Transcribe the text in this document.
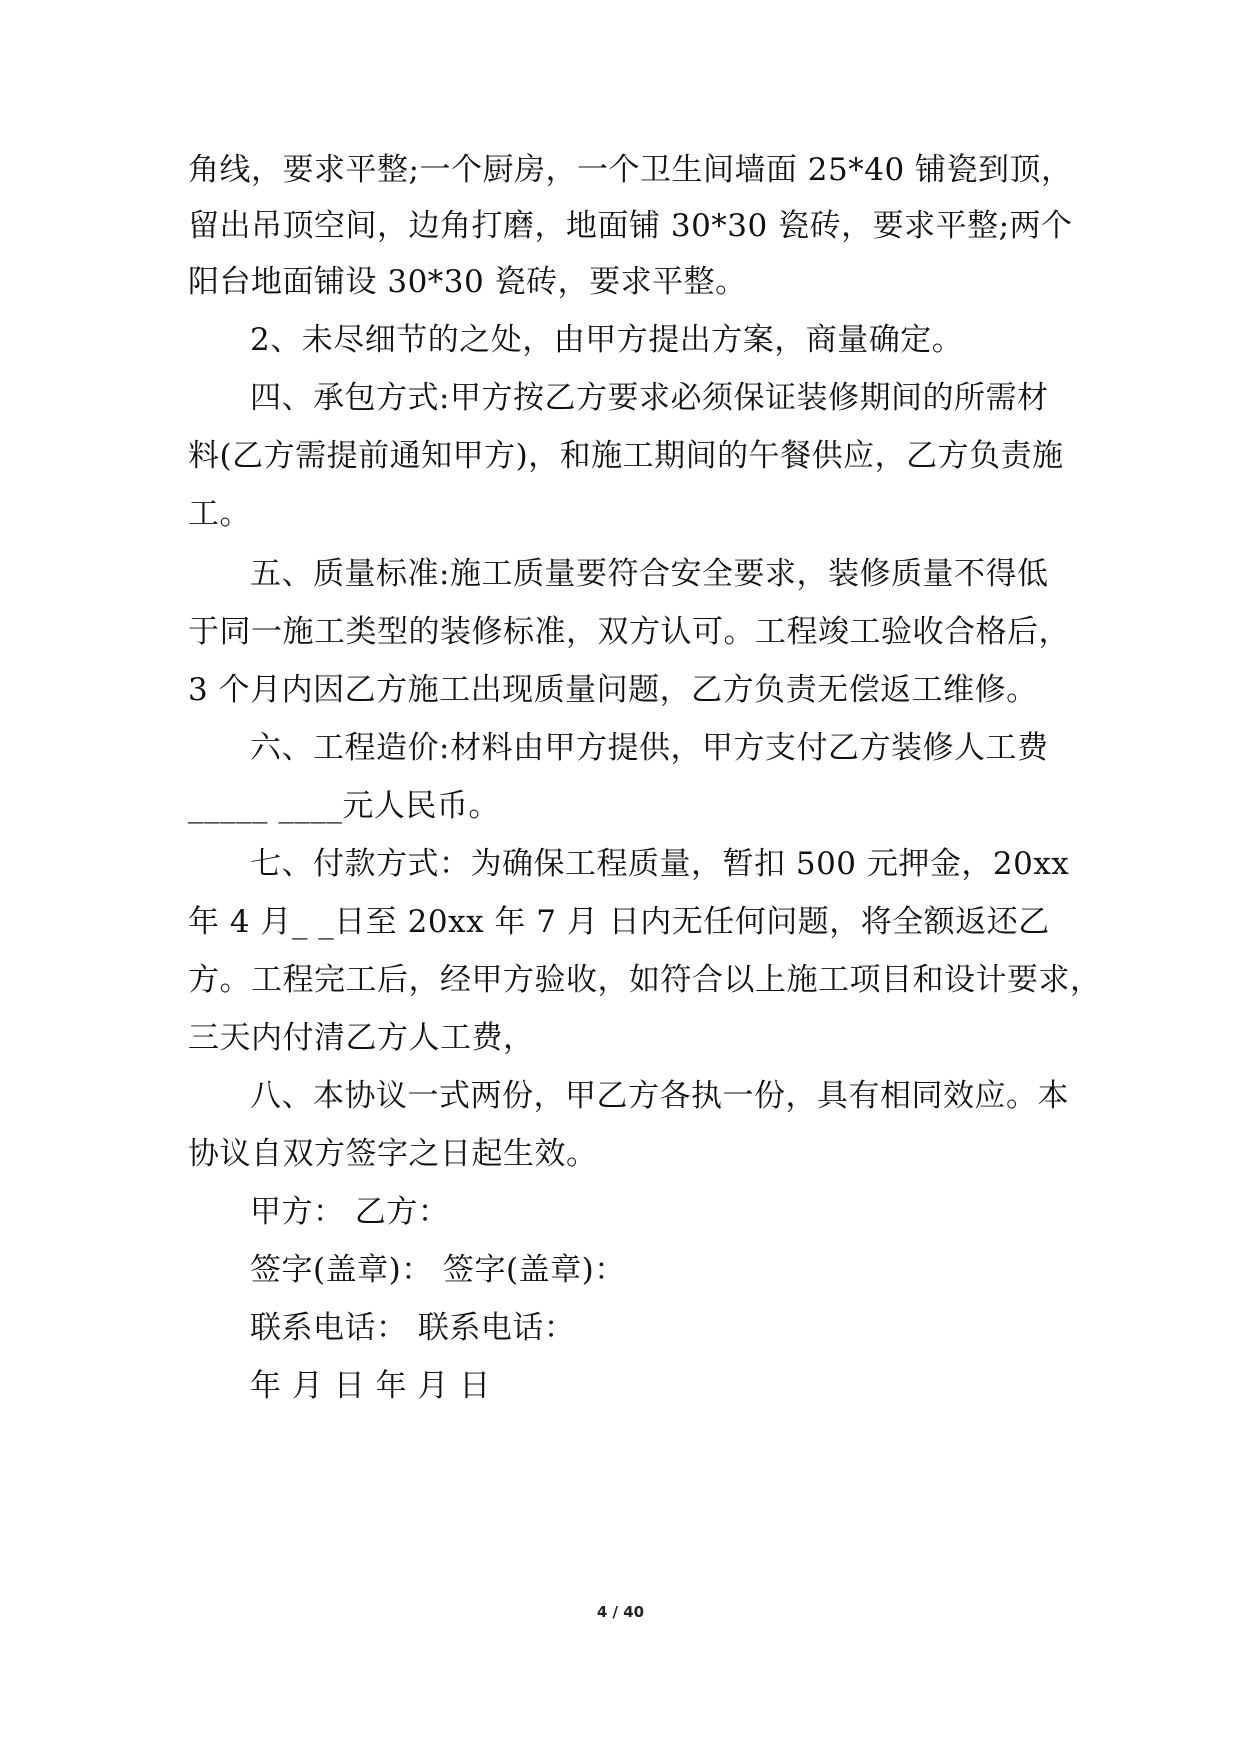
角线，要求平整;一个厨房，一个卫生间墙面 25*40 铺瓷到顶，
留出吊顶空间，边角打磨，地面铺 30*30 瓷砖，要求平整;两个
阳台地面铺设 30*30 瓷砖，要求平整。
2、未尽细节的之处，由甲方提出方案，商量确定。
四、承包方式:甲方按乙方要求必须保证装修期间的所需材
料(乙方需提前通知甲方)，和施工期间的午餐供应，乙方负责施
工。
五、质量标准:施工质量要符合安全要求，装修质量不得低
于同一施工类型的装修标准，双方认可。工程竣工验收合格后，
3 个月内因乙方施工出现质量问题，乙方负责无偿返工维修。
六、工程造价:材料由甲方提供，甲方支付乙方装修人工费
_____ ____元人民币。
七、付款方式：为确保工程质量，暂扣 500 元押金，20xx
年 4 月_ _日至 20xx 年 7 月 日内无任何问题，将全额返还乙
方。工程完工后，经甲方验收，如符合以上施工项目和设计要求，
三天内付清乙方人工费，
八、本协议一式两份，甲乙方各执一份，具有相同效应。本
协议自双方签字之日起生效。
甲方： 乙方：
签字(盖章)： 签字(盖章)：
联系电话： 联系电话：
年 月 日 年 月 日
4 / 40
